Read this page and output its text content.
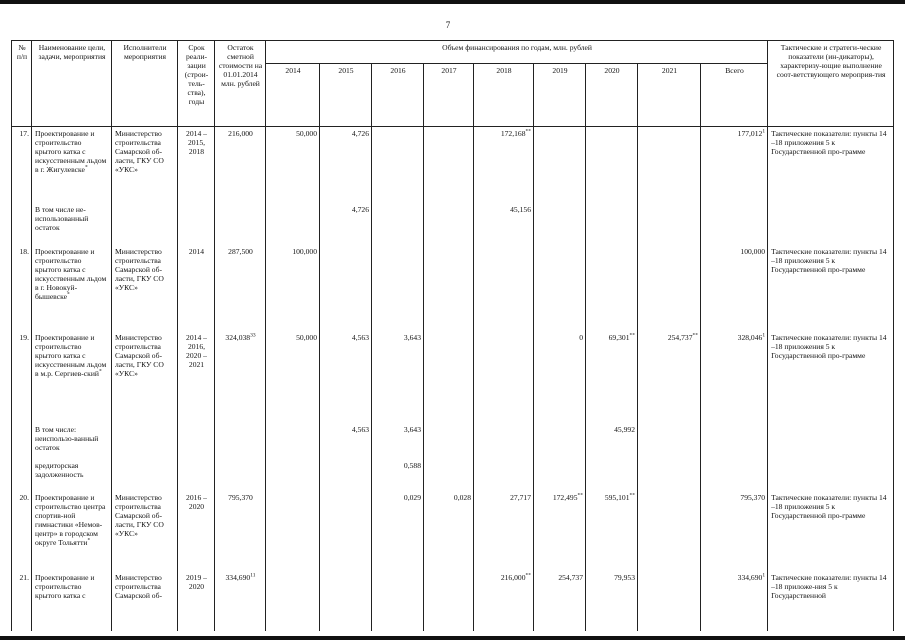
7
№ п/п	Наименование цели, задачи, мероприятия	Исполнители мероприятия	Срок реали-зации (строи-тель-ства), годы	Остаток сметной стоимости на 01.01.2014 млн. рублей	Объем финансирования по годам, млн. рублей									Тактические и стратеги-ческие показатели (ин-дикаторы), характеризу-ющие выполнение соот-ветствующего мероприя-тия
					2014	2015	2016	2017	2018	2019	2020	2021	Всего	
17.	Проектирование и строительство крытого катка с искусственным льдом в г. Жигулевске*	Министерство строительства Самарской об-ласти, ГКУ СО «УКС»	2014 – 2015, 2018	216,000	50,000	4,726			172,168**				177,012$^1$	Тактические показатели: пункты 14 –18 приложения 5 к Государственной про-грамме
	В том числе не-использованный остаток					4,726			45,156					
18.	Проектирование и строительство крытого катка с искусственным льдом в г. Новокуй-бышевске*	Министерство строительства Самарской об-ласти, ГКУ СО «УКС»	2014	287,500	100,000								100,000	Тактические показатели: пункты 14 –18 приложения 5 к Государственной про-грамме
19.	Проектирование и строительство крытого катка с искусственным льдом в м.р. Сергиев-ский*	Министерство строительства Самарской об-ласти, ГКУ СО «УКС»	2014 – 2016, 2020 – 2021	324,038$^{33}$	50,000	4,563	3,643			0	69,301**	254,737**	328,046$^1$	Тактические показатели: пункты 14 –18 приложения 5 к Государственной про-грамме
	В том числе: неиспользо-ванный остаток					4,563	3,643				45,992			
	кредиторская задолженность						0,588							
20.	Проектирование и строительство центра спортив-ной гимнастики «Немов-центр» в городском округе Тольятти*	Министерство строительства Самарской об-ласти, ГКУ СО «УКС»	2016 – 2020	795,370			0,029	0,028	27,717	172,495**	595,101**		795,370	Тактические показатели: пункты 14 –18 приложения 5 к Государственной про-грамме
21.	Проектирование и строительство крытого катка с	Министерство строительства Самарской об-	2019 – 2020	334,690$^{11}$					216,000**	254,737	79,953		334,690$^1$	Тактические показатели: пункты 14 –18 приложе-ния 5 к Государственной
